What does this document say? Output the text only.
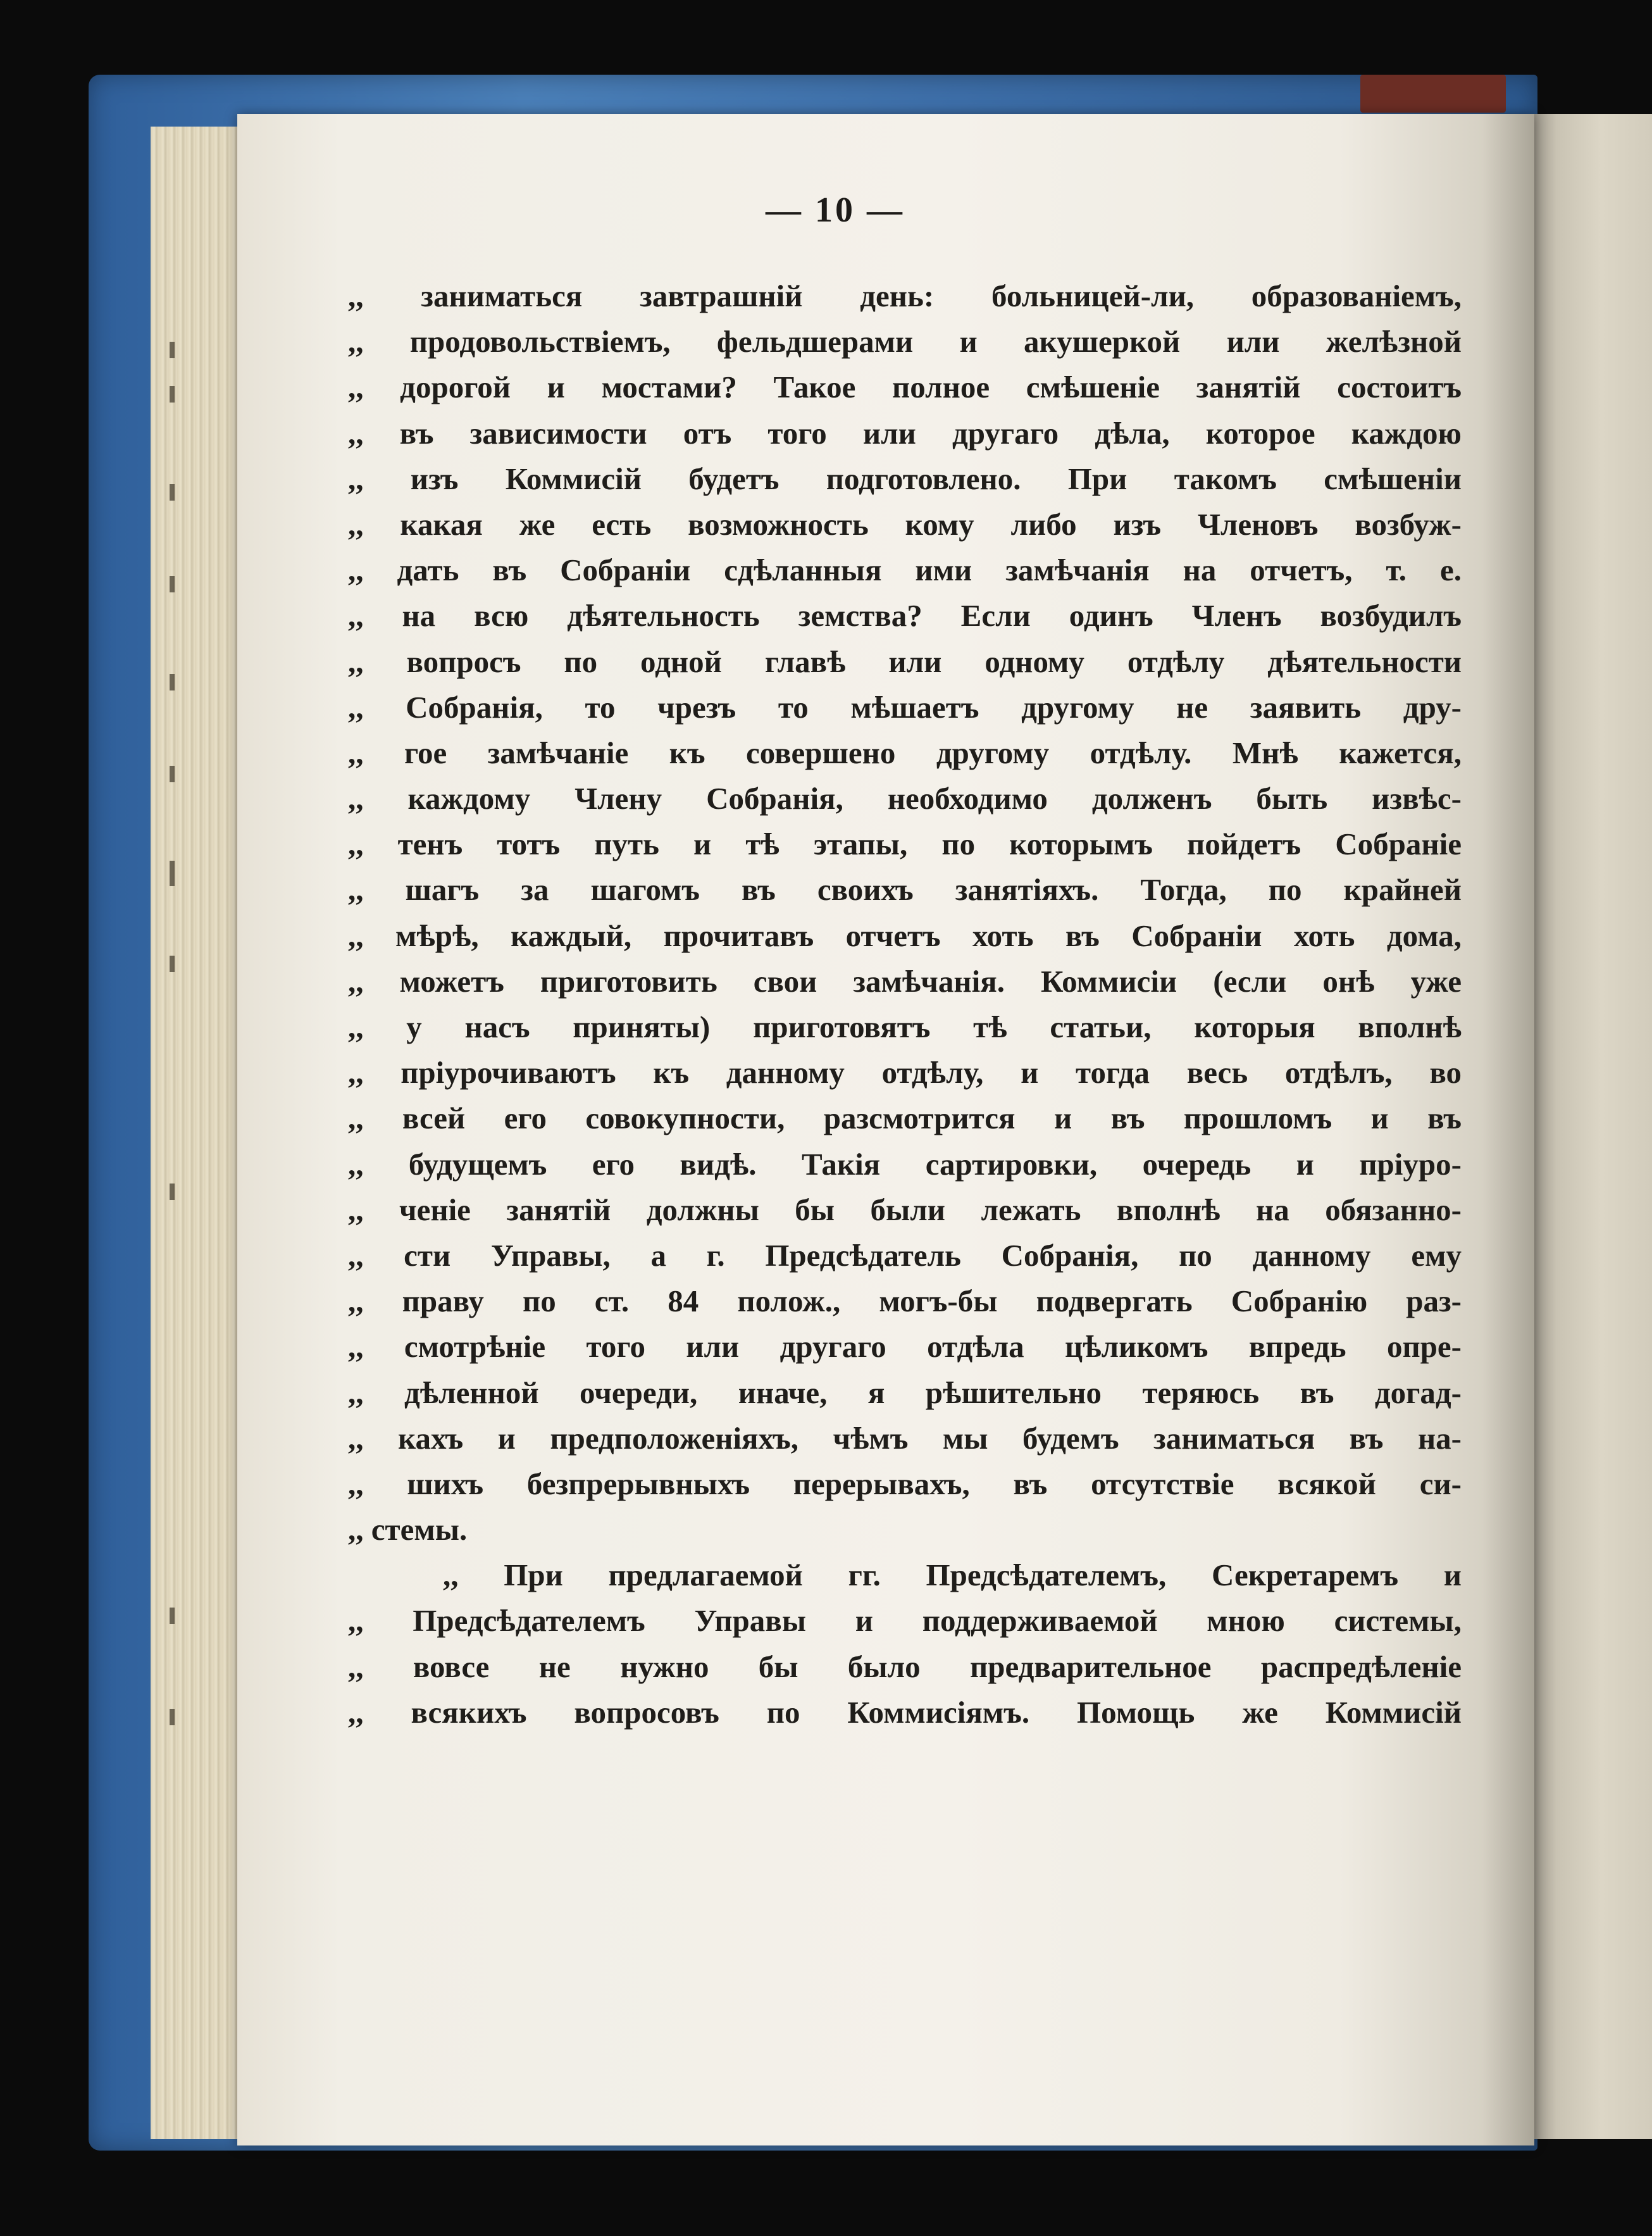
— 10 —
,, заниматься завтрашній день: больницей-ли, образованіемъ,
,, продовольствіемъ, фельдшерами и акушеркой или желѣзной
,, дорогой и мостами? Такое полное смѣшеніе занятій состоитъ
,, въ зависимости отъ того или другаго дѣла, которое каждою
,, изъ Коммисій будетъ подготовлено. При такомъ смѣшеніи
,, какая же есть возможность кому либо изъ Членовъ возбуж-
,, дать въ Собраніи сдѣланныя ими замѣчанія на отчетъ, т. е.
,, на всю дѣятельность земства? Если одинъ Членъ возбудилъ
,, вопросъ по одной главѣ или одному отдѣлу дѣятельности
,, Собранія, то чрезъ то мѣшаетъ другому не заявить дру-
,, гое замѣчаніе къ совершено другому отдѣлу. Мнѣ кажется,
,, каждому Члену Собранія, необходимо долженъ быть извѣс-
,, тенъ тотъ путь и тѣ этапы, по которымъ пойдетъ Собраніе
,, шагъ за шагомъ въ своихъ занятіяхъ. Тогда, по крайней
,, мѣрѣ, каждый, прочитавъ отчетъ хоть въ Собраніи хоть дома,
,, можетъ приготовить свои замѣчанія. Коммисіи (если онѣ уже
,, у насъ приняты) приготовятъ тѣ статьи, которыя вполнѣ
,, пріурочиваютъ къ данному отдѣлу, и тогда весь отдѣлъ, во
,, всей его совокупности, разсмотрится и въ прошломъ и въ
,, будущемъ его видѣ. Такія сартировки, очередь и пріуро-
,, ченіе занятій должны бы были лежать вполнѣ на обязанно-
,, сти Управы, а г. Предсѣдатель Собранія, по данному ему
,, праву по ст. 84 полож., могъ-бы подвергать Собранію раз-
,, смотрѣніе того или другаго отдѣла цѣликомъ впредь опре-
,, дѣленной очереди, иначе, я рѣшительно теряюсь въ догад-
,, кахъ и предположеніяхъ, чѣмъ мы будемъ заниматься въ на-
,, шихъ безпрерывныхъ перерывахъ, въ отсутствіе всякой си-
,, стемы.
,, При предлагаемой гг. Предсѣдателемъ, Секретаремъ и
,, Предсѣдателемъ Управы и поддерживаемой мною системы,
,, вовсе не нужно бы было предварительное распредѣленіе
,, всякихъ вопросовъ по Коммисіямъ. Помощь же Коммисій
